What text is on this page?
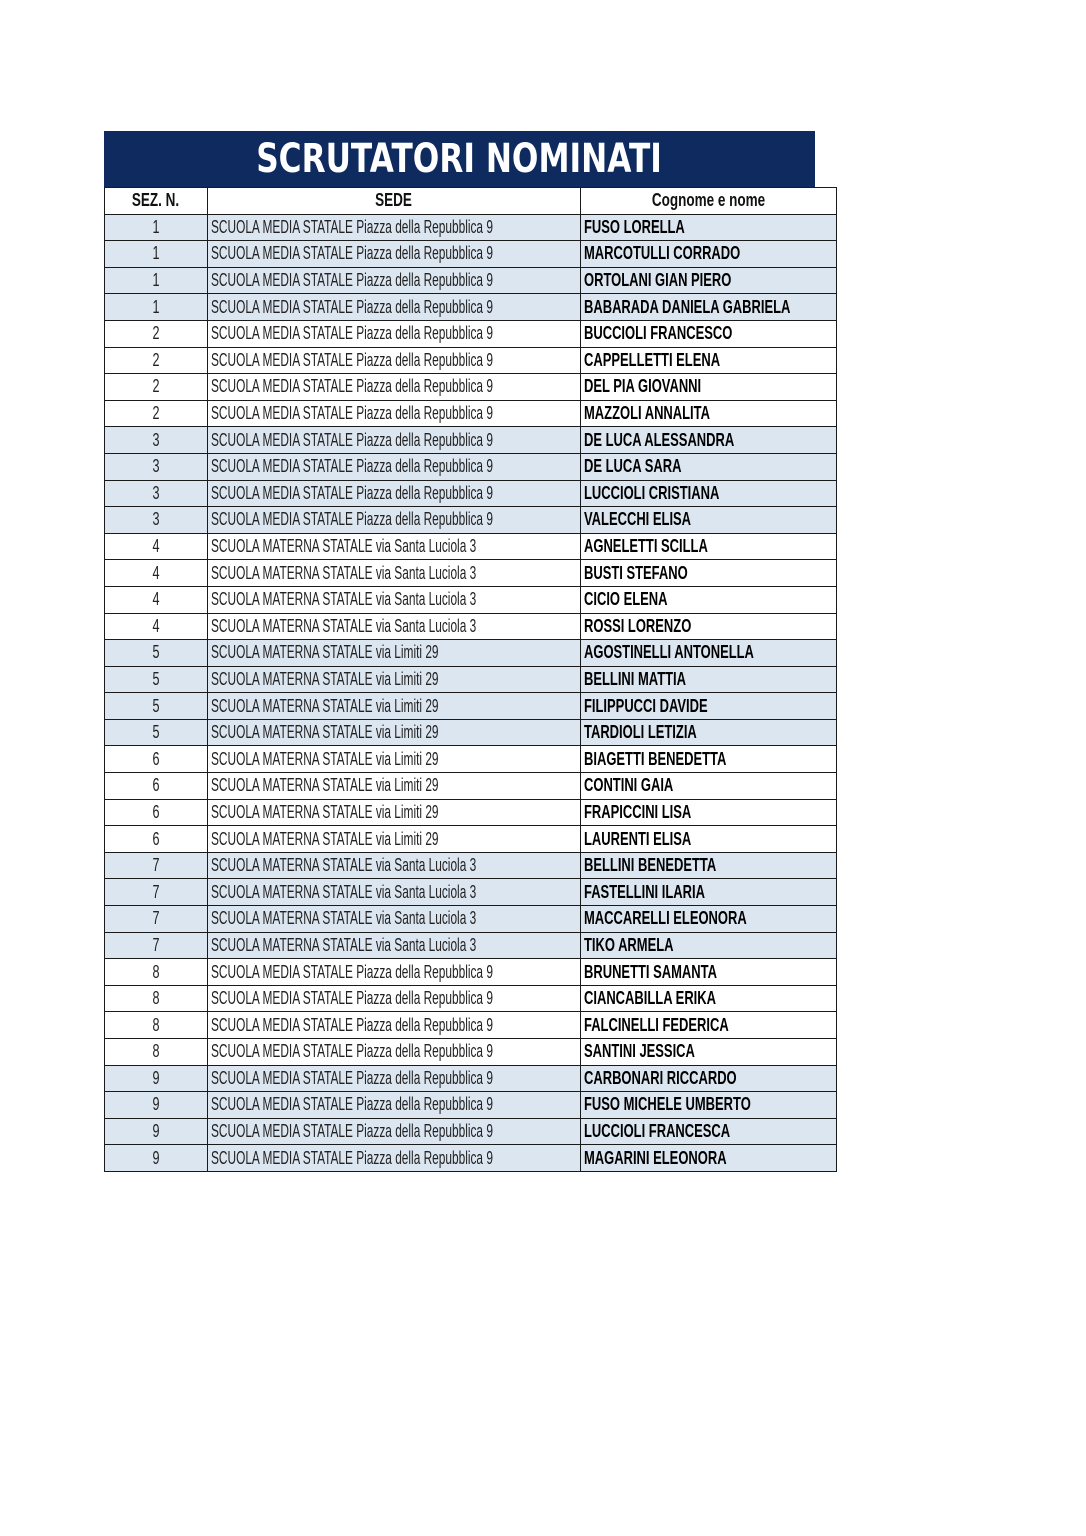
SCRUTATORI NOMINATI
SEZ. N.	SEDE	Cognome e nome
1	SCUOLA MEDIA STATALE Piazza della Repubblica 9	FUSO LORELLA
1	SCUOLA MEDIA STATALE Piazza della Repubblica 9	MARCOTULLI CORRADO
1	SCUOLA MEDIA STATALE Piazza della Repubblica 9	ORTOLANI GIAN PIERO
1	SCUOLA MEDIA STATALE Piazza della Repubblica 9	BABARADA DANIELA GABRIELA
2	SCUOLA MEDIA STATALE Piazza della Repubblica 9	BUCCIOLI FRANCESCO
2	SCUOLA MEDIA STATALE Piazza della Repubblica 9	CAPPELLETTI ELENA
2	SCUOLA MEDIA STATALE Piazza della Repubblica 9	DEL PIA GIOVANNI
2	SCUOLA MEDIA STATALE Piazza della Repubblica 9	MAZZOLI ANNALITA
3	SCUOLA MEDIA STATALE Piazza della Repubblica 9	DE LUCA ALESSANDRA
3	SCUOLA MEDIA STATALE Piazza della Repubblica 9	DE LUCA SARA
3	SCUOLA MEDIA STATALE Piazza della Repubblica 9	LUCCIOLI CRISTIANA
3	SCUOLA MEDIA STATALE Piazza della Repubblica 9	VALECCHI ELISA
4	SCUOLA MATERNA STATALE via Santa Luciola 3	AGNELETTI SCILLA
4	SCUOLA MATERNA STATALE via Santa Luciola 3	BUSTI STEFANO
4	SCUOLA MATERNA STATALE via Santa Luciola 3	CICIO ELENA
4	SCUOLA MATERNA STATALE via Santa Luciola 3	ROSSI LORENZO
5	SCUOLA MATERNA STATALE via Limiti 29	AGOSTINELLI ANTONELLA
5	SCUOLA MATERNA STATALE via Limiti 29	BELLINI MATTIA
5	SCUOLA MATERNA STATALE via Limiti 29	FILIPPUCCI DAVIDE
5	SCUOLA MATERNA STATALE via Limiti 29	TARDIOLI LETIZIA
6	SCUOLA MATERNA STATALE via Limiti 29	BIAGETTI BENEDETTA
6	SCUOLA MATERNA STATALE via Limiti 29	CONTINI GAIA
6	SCUOLA MATERNA STATALE via Limiti 29	FRAPICCINI LISA
6	SCUOLA MATERNA STATALE via Limiti 29	LAURENTI ELISA
7	SCUOLA MATERNA STATALE via Santa Luciola 3	BELLINI BENEDETTA
7	SCUOLA MATERNA STATALE via Santa Luciola 3	FASTELLINI ILARIA
7	SCUOLA MATERNA STATALE via Santa Luciola 3	MACCARELLI ELEONORA
7	SCUOLA MATERNA STATALE via Santa Luciola 3	TIKO ARMELA
8	SCUOLA MEDIA STATALE Piazza della Repubblica 9	BRUNETTI SAMANTA
8	SCUOLA MEDIA STATALE Piazza della Repubblica 9	CIANCABILLA ERIKA
8	SCUOLA MEDIA STATALE Piazza della Repubblica 9	FALCINELLI FEDERICA
8	SCUOLA MEDIA STATALE Piazza della Repubblica 9	SANTINI JESSICA
9	SCUOLA MEDIA STATALE Piazza della Repubblica 9	CARBONARI RICCARDO
9	SCUOLA MEDIA STATALE Piazza della Repubblica 9	FUSO MICHELE UMBERTO
9	SCUOLA MEDIA STATALE Piazza della Repubblica 9	LUCCIOLI FRANCESCA
9	SCUOLA MEDIA STATALE Piazza della Repubblica 9	MAGARINI ELEONORA
